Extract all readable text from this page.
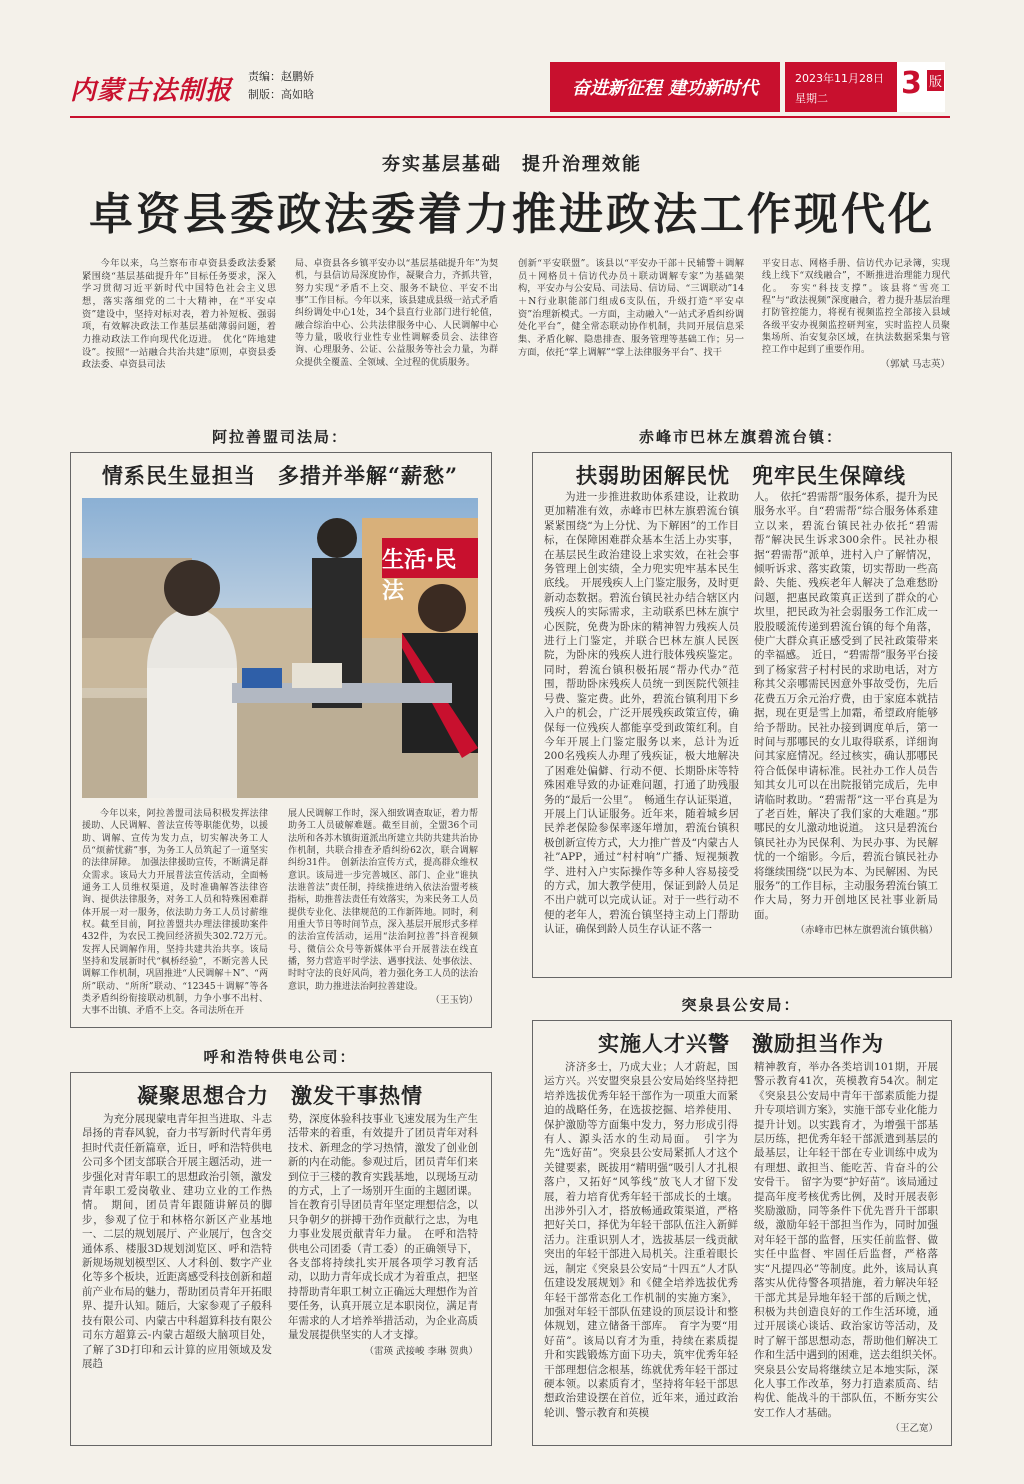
内蒙古法制报	责编：赵鹏娇
制版：高如晗	奋进新征程 建功新时代	2023年11月28日
星期二 3 版
夯实基层基础　提升治理效能
卓资县委政法委着力推进政法工作现代化

今年以来，乌兰察布市卓资县委政法委紧紧围绕“基层基础提升年”目标任务要求，深入学习贯彻习近平新时代中国特色社会主义思想，落实落细党的二十大精神，在“平安卓资”建设中，坚持对标对表，着力补短板、强弱项，有效解决政法工作基层基础薄弱问题，着力推动政法工作向现代化迈进。　优化“阵地建设”。按照“一站融合共治共建”原则，卓资县委政法委、卓资县司法

局、卓资县各乡镇平安办以“基层基础提升年”为契机，与县信访局深度协作，凝聚合力，齐抓共管，努力实现“矛盾不上交、服务不缺位、平安不出事”工作目标。今年以来，该县建成县级一站式矛盾纠纷调处中心1处，34个县直行业部门进行轮值，融合综治中心、公共法律服务中心、人民调解中心等力量，吸收行业性专业性调解委员会、法律咨询、心理服务、公证、公益服务等社会力量，为群众提供全覆盖、全领域、全过程的优质服务。

创新“平安联盟”。该县以“平安办干部＋民辅警＋调解员＋网格员＋信访代办员＋联动调解专家”为基础架构，平安办与公安局、司法局、信访局、“三调联动”14＋N行业职能部门组成6支队伍，升级打造“平安卓资”治理新模式。一方面，主动融入“一站式矛盾纠纷调处化平台”，健全常态联动协作机制，共同开展信息采集、矛盾化解、隐患排查、服务管理等基础工作；另一方面，依托“掌上调解”“掌上法律服务平台”、找干

平安日志、网格手册、信访代办记录簿，实现线上线下“双线融合”，不断推进治理能力现代化。　夯实“科技支撑”。该县将“雪亮工程”与“政法视频”深度融合，着力提升基层治理打防管控能力，将视有视频监控全部接入县域各级平安办视频监控研判室，实时监控人员聚集场所、治安复杂区域，在执法数据采集与管控工作中起到了重要作用。

（郭斌 马志英）
阿拉善盟司法局：
情系民生显担当　多措并举解“薪愁”
生活·民法

今年以来，阿拉善盟司法局积极发挥法律援助、人民调解、普法宣传等职能优势，以援助、调解、宣传为发力点，切实解决务工人员“烦薪忧薪”事，为务工人员筑起了一道坚实的法律屏障。　加强法律援助宣传，不断满足群众需求。该局大力开展普法宣传活动，全面畅通务工人员维权渠道，及时准确解答法律咨询、提供法律服务，对务工人员和特殊困难群体开展一对一服务，依法助力务工人员讨薪维权。截至目前，阿拉善盟共办理法律援助案件432件，为农民工挽回经济损失302.72万元。　发挥人民调解作用，坚持共建共治共享。该局坚持和发展新时代“枫桥经验”，不断完善人民调解工作机制，巩固推进“人民调解＋N”、“两所”联动、“所所”联动、“12345＋调解”等各类矛盾纠纷衔接联动机制，力争小事不出村、大事不出镇、矛盾不上交。各司法所在开

展人民调解工作时，深入细致调查取证，着力帮助务工人员破解难题。截至目前，全盟36个司法所和各苏木镇街道派出所建立共防共建共治协作机制，共联合排查矛盾纠纷62次，联合调解纠纷31件。　创新法治宣传方式，提高群众维权意识。该局进一步完善城区、部门、企业“谁执法谁普法”责任制，持续推进纳入依法治盟考核指标，助推普法责任有效落实，为来民务工人员提供专业化、法律规范的工作新阵地。同时，利用重大节日等时间节点，深入基层开展形式多样的法治宣传活动，运用“法治阿拉善”抖音视频号、微信公众号等新媒体平台开展普法在线直播，努力营造平时学法、遇事找法、处事依法、时时守法的良好风尚，着力强化务工人员的法治意识，助力推进法治阿拉善建设。

（王玉钧）
赤峰市巴林左旗碧流台镇：
扶弱助困解民忧　兜牢民生保障线

为进一步推进救助体系建设，让救助更加精准有效，赤峰市巴林左旗碧流台镇紧紧围绕“为上分忧、为下解困”的工作目标，在保障困难群众基本生活上办实事，在基层民生政治建设上求实效，在社会事务管理上创实绩，全力兜实兜牢基本民生底线。　开展残疾人上门鉴定服务，及时更新动态数据。碧流台镇民社办结合辖区内残疾人的实际需求，主动联系巴林左旗宁心医院，免费为卧床的精神智力残疾人员进行上门鉴定，并联合巴林左旗人民医院，为卧床的残疾人进行肢体残疾鉴定。同时，碧流台镇积极拓展“帮办代办”范围，帮助卧床残疾人员统一到医院代领挂号费、鉴定费。此外，碧流台镇利用下乡入户的机会，广泛开展残疾政策宣传，确保每一位残疾人都能享受到政策红利。自今年开展上门鉴定服务以来，总计为近200名残疾人办理了残疾证，极大地解决了困难处偏僻、行动不便、长期卧床等特殊困难导致的办证难问题，打通了助残服务的“最后一公里”。　畅通生存认证渠道，开展上门认证服务。近年来，随着城乡居民养老保险参保率逐年增加，碧流台镇积极创新宣传方式，大力推广普及“内蒙古人社”APP，通过“村村响”广播、短视频教学、进村入户实际操作等多种人容易接受的方式，加大教学使用，保证到龄人员足不出户就可以完成认证。对于一些行动不便的老年人，碧流台镇坚持主动上门帮助认证，确保到龄人员生存认证不落一

人。　依托“碧需帮”服务体系，提升为民服务水平。自“碧需帮”综合服务体系建立以来，碧流台镇民社办依托“碧需帮”解决民生诉求300余件。民社办根据“碧需帮”派单，进村入户了解情况，倾听诉求、落实政策，切实帮助一些高龄、失能、残疾老年人解决了急难愁盼问题，把惠民政策真正送到了群众的心坎里，把民政为社会弱服务工作汇成一股股暖流传递到碧流台镇的每个角落，使广大群众真正感受到了民社政策带来的幸福感。　近日，“碧需帮”服务平台接到了杨家营子村村民的求助电话，对方称其父亲哪需民因意外事故受伤，先后花费五万余元治疗费，由于家庭本就拮据，现在更是雪上加霜，希望政府能够给予帮助。民社办接到调度单后，第一时间与那哪民的女儿取得联系，详细询问其家庭情况。经过核实，确认那哪民符合低保申请标准。民社办工作人员告知其女儿可以在出院报销完成后，先申请临时救助。“碧需帮”这一平台真是为了老百姓，解决了我们家的大难题。”那哪民的女儿激动地说道。　这只是碧流台镇民社办为民保利、为民办事、为民解忧的一个缩影。今后，碧流台镇民社办将继续围绕“以民为本、为民解困、为民服务”的工作目标，主动服务碧流台镇工作大局，努力开创地区民社事业新局面。

（赤峰市巴林左旗碧流台镇供稿）
呼和浩特供电公司：
凝聚思想合力　激发干事热情

为充分展现蒙电青年担当进取、斗志昂扬的青春风貌，奋力书写新时代青年勇担时代责任新篇章，近日，呼和浩特供电公司多个团支部联合开展主题活动，进一步强化对青年职工的思想政治引领，激发青年职工爱岗敬业、建功立业的工作热情。　期间，团员青年跟随讲解员的脚步，参观了位于和林格尔新区产业基地一、二层的规划展厅、产业展厅，包含交通体系、楼服3D规划浏览区、呼和浩特新规场规划模型区、人才科创、数字产业化等多个板块，近距离感受科技创新和超前产业布局的魅力，帮助团员青年开拓眼界、提升认知。随后，大家参观了子般科技有限公司、内蒙古中科超算科技有限公司东方超算云-内蒙古超级大脑项目处，了解了3D打印和云计算的应用领域及发展趋

势，深度体验科技事业飞速发展为生产生活带来的着重，有效提升了团员青年对科技术、新理念的学习热情，激发了创业创新的内在动能。参观过后，团员青年们来到位于三楼的教育实践基地，以现场互动的方式，上了一场别开生面的主题团课。旨在教育引导团员青年坚定理想信念，以只争朝夕的拼搏干劲作贡献行之忠，为电力事业发展贡献青年力量。　在呼和浩特供电公司团委（青工委）的正确领导下，各支部将持续扎实开展各项学习教育活动，以助力青年成长成才为着重点，把坚持帮助青年职工树立正确远大理想作为首要任务，认真开展立足本职岗位，满足青年需求的人才培养举措活动，为企业高质量发展提供坚实的人才支撑。

（雷瑛 武接峻 李琳 贺典）
突泉县公安局：
实施人才兴警　激励担当作为

济济多士，乃成大业；人才蔚起，国运方兴。兴安盟突泉县公安局始终坚持把培养选拔优秀年轻干部作为一项重大而紧迫的战略任务，在选拔挖掘、培养使用、保护激励等方面集中发力，努力形成引得有人、源头活水的生动局面。　引字为先“选好苗”。突泉县公安局紧抓人才这个关键要素，既拔用“精明强”吸引人才扎根落户，又拓好“风筝线”放飞人才留下发展，着力培育优秀年轻干部成长的土壤。出涉外引入才，搭放畅通政策渠道，严格把好关口，择优为年轻干部队伍注入新鲜活力。注重识别人才，选拔基层一线贡献突出的年轻干部进入局机关。注重着眼长远，制定《突泉县公安局“十四五”人才队伍建设发展规划》和《健全培养选拔优秀年轻干部常态化工作机制的实施方案》，加强对年轻干部队伍建设的顶层设计和整体规划，建立储备干部库。　育字为要“用好苗”。该局以育才为重，持续在素质提升和实践锻炼方面下功夫，筑牢优秀年轻干部理想信念根基，练就优秀年轻干部过硬本领。以素质育才，坚持将年轻干部思想政治建设摆在首位，近年来，通过政治轮训、警示教育和英模

精神教育，举办各类培训101期，开展警示教育41次，英模教育54次。制定《突泉县公安局中青年干部素质能力提升专项培训方案》，实施干部专业化能力提升计划。以实践育才，为增强干部基层历练，把优秀年轻干部派遣到基层的最基层，让年轻干部在专业训练中成为有理想、敢担当、能吃苦、肯奋斗的公安骨干。　留字为要“护好苗”。该局通过提高年度考核优秀比例，及时开展表彰奖励激励，同等条件下优先晋升干部职级，激励年轻干部担当作为，同时加强对年轻干部的监督，压实任前监督、做实任中监督、牢固任后监督，严格落实“凡提四必”等制度。此外，该局认真落实从优待警各项措施，着力解决年轻干部尤其是异地年轻干部的后顾之忧，积极为共创造良好的工作生活环境，通过开展谈心谈话、政治家访等活动，及时了解干部思想动态，帮助他们解决工作和生活中遇到的困难，送去组织关怀。　突泉县公安局将继续立足本地实际，深化人事工作改革，努力打造素质高、结构优、能战斗的干部队伍，不断夯实公安工作人才基础。

（王乙宽）
